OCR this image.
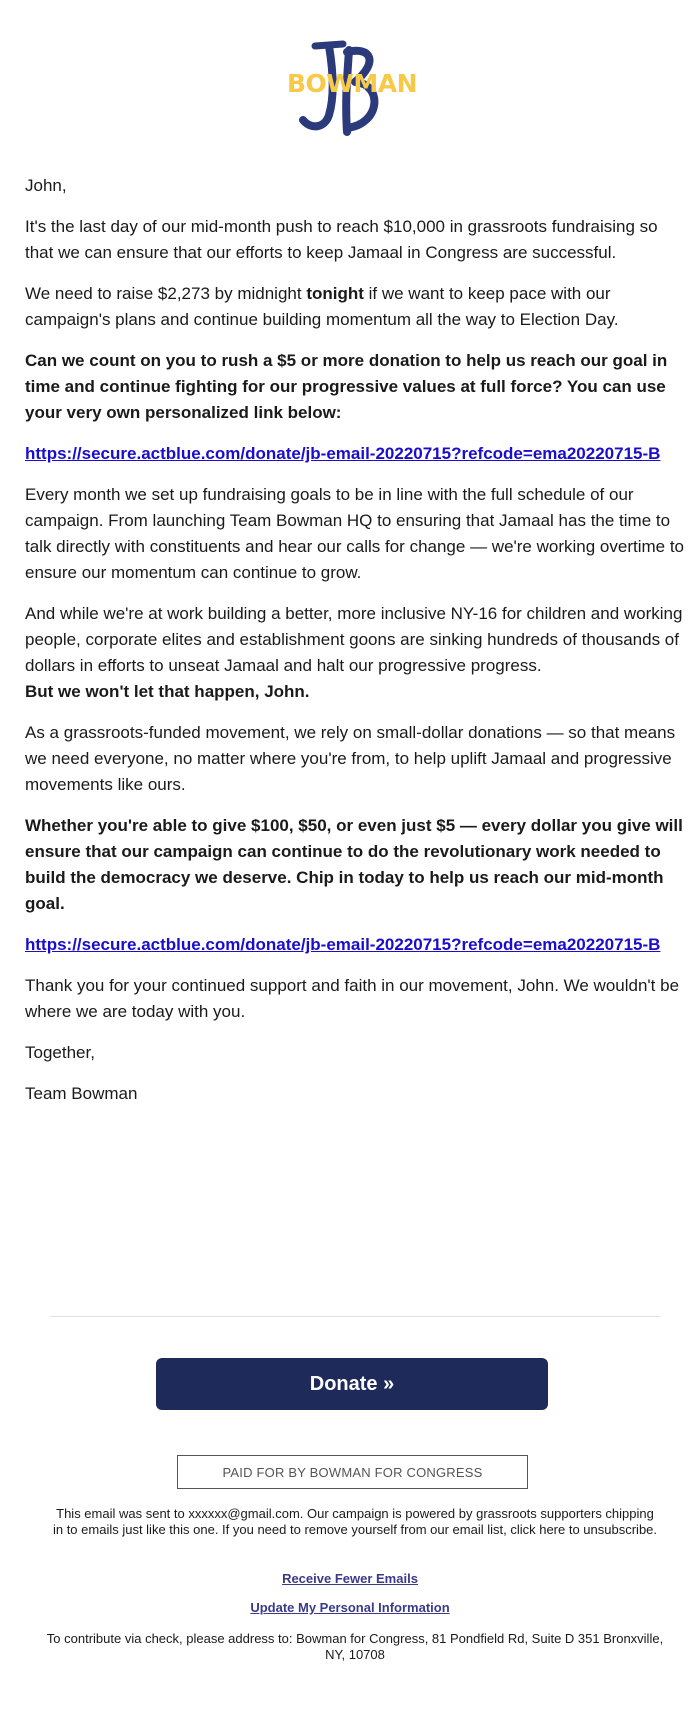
BOWMAN

John,

It's the last day of our mid-month push to reach $10,000 in grassroots fundraising so that we can ensure that our efforts to keep Jamaal in Congress are successful.

We need to raise $2,273 by midnight tonight if we want to keep pace with our campaign's plans and continue building momentum all the way to Election Day.

Can we count on you to rush a $5 or more donation to help us reach our goal in time and continue fighting for our progressive values at full force? You can use your very own personalized link below:

https://secure.actblue.com/donate/jb-email-20220715?refcode=ema20220715-B

Every month we set up fundraising goals to be in line with the full schedule of our campaign. From launching Team Bowman HQ to ensuring that Jamaal has the time to talk directly with constituents and hear our calls for change — we're working overtime to ensure our momentum can continue to grow.

And while we're at work building a better, more inclusive NY-16 for children and working people, corporate elites and establishment goons are sinking hundreds of thousands of dollars in efforts to unseat Jamaal and halt our progressive progress.
But we won't let that happen, John.

As a grassroots-funded movement, we rely on small-dollar donations — so that means we need everyone, no matter where you're from, to help uplift Jamaal and progressive movements like ours.

Whether you're able to give $100, $50, or even just $5 — every dollar you give will ensure that our campaign can continue to do the revolutionary work needed to build the democracy we deserve. Chip in today to help us reach our mid-month goal.

https://secure.actblue.com/donate/jb-email-20220715?refcode=ema20220715-B

Thank you for your continued support and faith in our movement, John. We wouldn't be where we are today with you.

Together,

Team Bowman

Donate »
PAID FOR BY BOWMAN FOR CONGRESS
This email was sent to xxxxxx@gmail.com. Our campaign is powered by grassroots supporters chipping in to emails just like this one. If you need to remove yourself from our email list, click here to unsubscribe.
Receive Fewer Emails
Update My Personal Information
To contribute via check, please address to: Bowman for Congress, 81 Pondfield Rd, Suite D 351 Bronxville, NY, 10708
